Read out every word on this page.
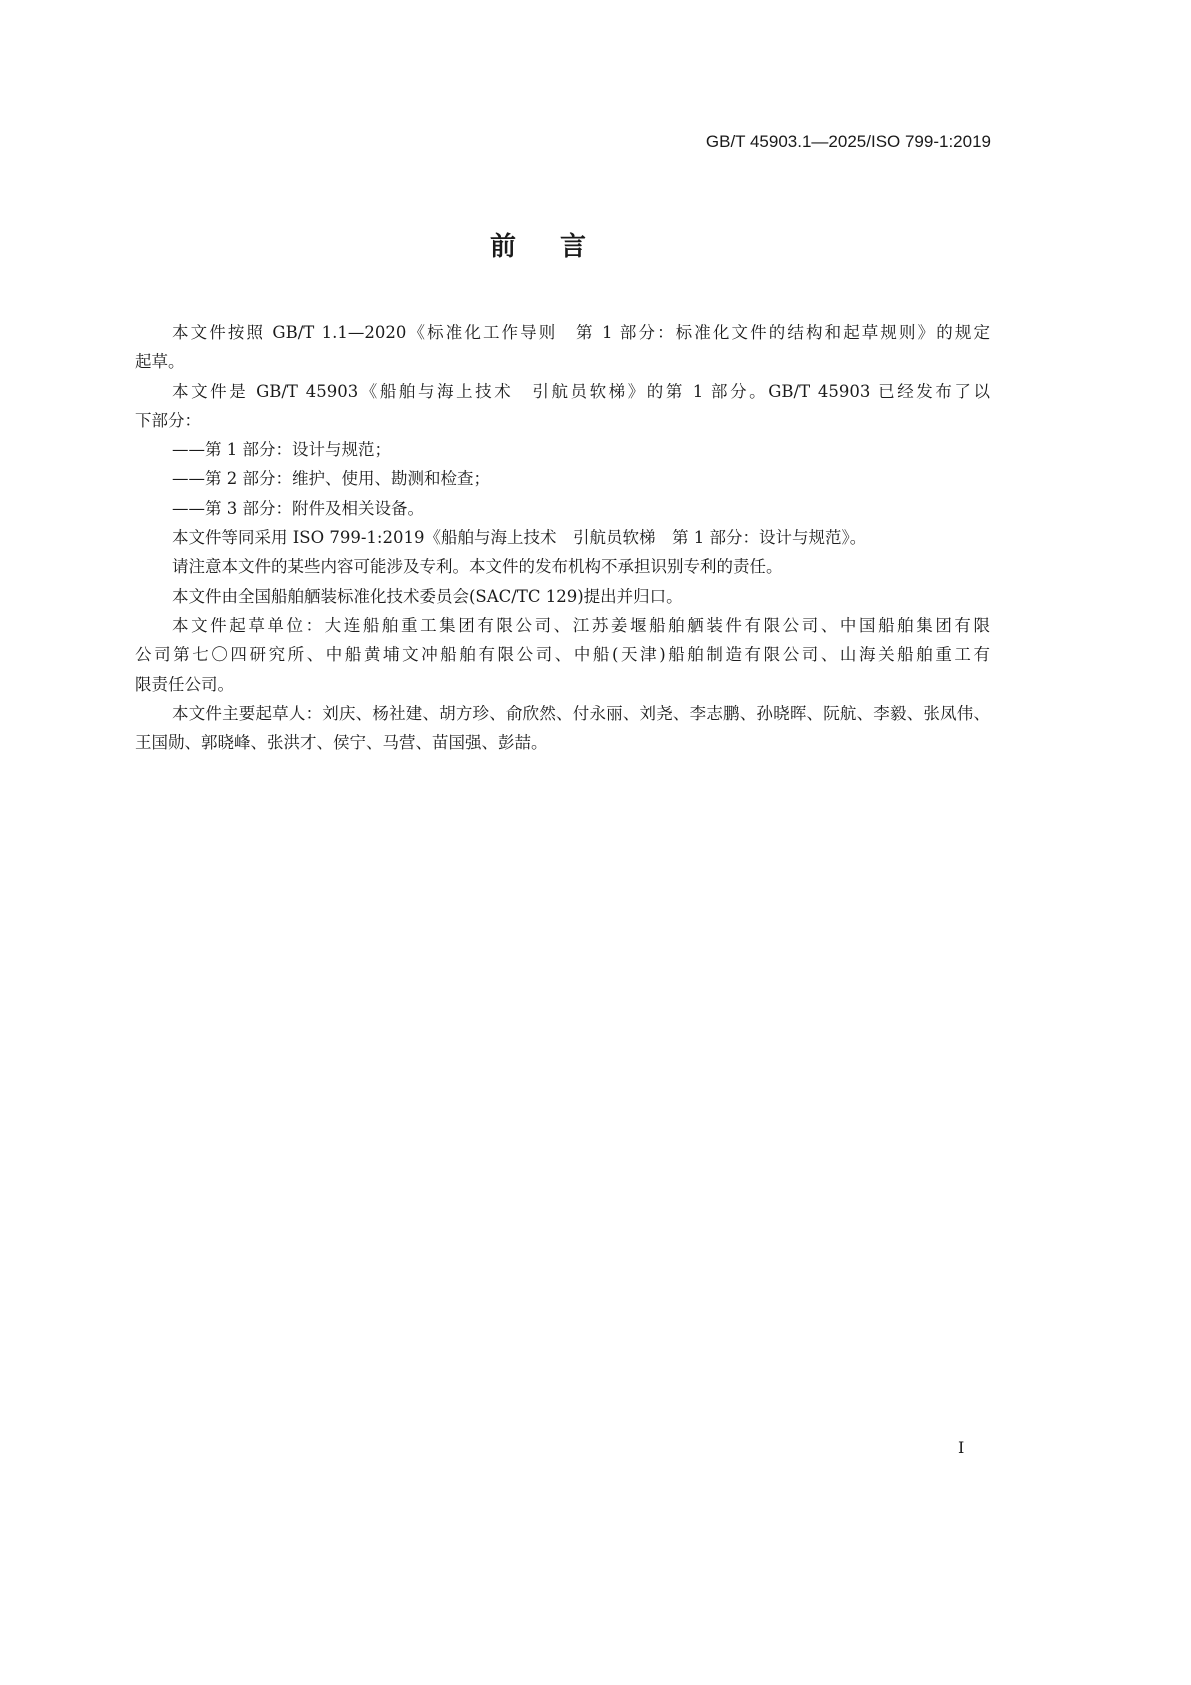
GB/T 45903.1—2025/ISO 799-1:2019
前言
本文件按照 GB/T 1.1—2020《标准化工作导则　第 1 部分：标准化文件的结构和起草规则》的规定
起草。
本文件是 GB/T 45903《船舶与海上技术　引航员软梯》的第 1 部分。GB/T 45903 已经发布了以
下部分：
——第 1 部分：设计与规范；
——第 2 部分：维护、使用、勘测和检查；
——第 3 部分：附件及相关设备。
本文件等同采用 ISO 799-1:2019《船舶与海上技术　引航员软梯　第 1 部分：设计与规范》。
请注意本文件的某些内容可能涉及专利。本文件的发布机构不承担识别专利的责任。
本文件由全国船舶舾装标准化技术委员会(SAC/TC 129)提出并归口。
本文件起草单位：大连船舶重工集团有限公司、江苏姜堰船舶舾装件有限公司、中国船舶集团有限
公司第七〇四研究所、中船黄埔文冲船舶有限公司、中船(天津)船舶制造有限公司、山海关船舶重工有
限责任公司。
本文件主要起草人：刘庆、杨社建、胡方珍、俞欣然、付永丽、刘尧、李志鹏、孙晓晖、阮航、李毅、张凤伟、
王国勋、郭晓峰、张洪才、侯宁、马营、苗国强、彭喆。
I
